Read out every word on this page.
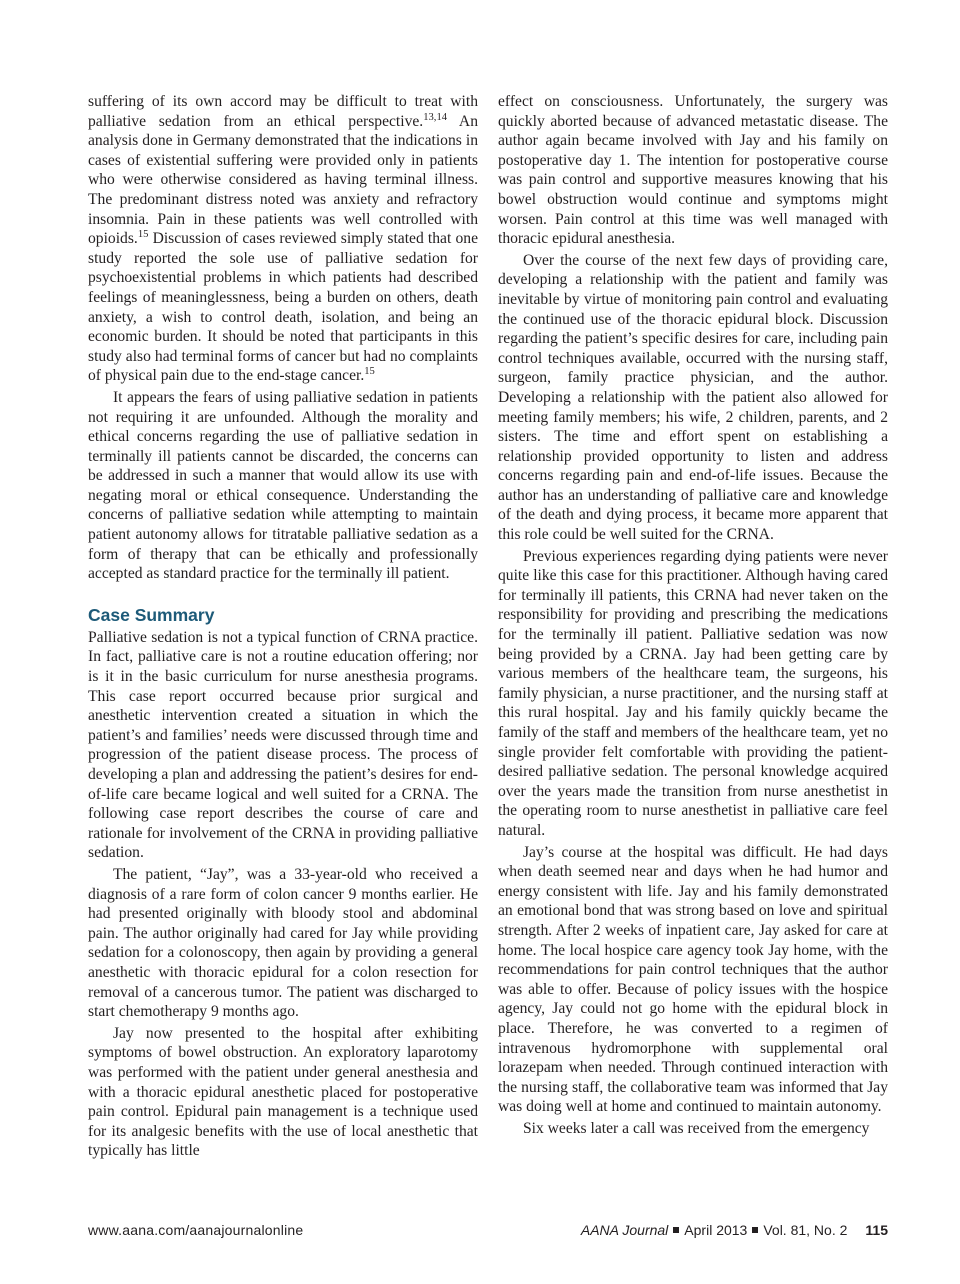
suffering of its own accord may be difficult to treat with palliative sedation from an ethical perspective.$^{13,14}$ An analysis done in Germany demonstrated that the indications in cases of existential suffering were provided only in patients who were otherwise considered as having terminal illness. The predominant distress noted was anxiety and refractory insomnia. Pain in these patients was well controlled with opioids.$^{15}$ Discussion of cases reviewed simply stated that one study reported the sole use of palliative sedation for psychoexistential problems in which patients had described feelings of meaninglessness, being a burden on others, death anxiety, a wish to control death, isolation, and being an economic burden. It should be noted that participants in this study also had terminal forms of cancer but had no complaints of physical pain due to the end-stage cancer.$^{15}$

It appears the fears of using palliative sedation in patients not requiring it are unfounded. Although the morality and ethical concerns regarding the use of palliative sedation in terminally ill patients cannot be discarded, the concerns can be addressed in such a manner that would allow its use with negating moral or ethical consequence. Understanding the concerns of palliative sedation while attempting to maintain patient autonomy allows for titratable palliative sedation as a form of therapy that can be ethically and professionally accepted as standard practice for the terminally ill patient.

Case Summary

Palliative sedation is not a typical function of CRNA practice. In fact, palliative care is not a routine education offering; nor is it in the basic curriculum for nurse anesthesia programs. This case report occurred because prior surgical and anesthetic intervention created a situation in which the patient’s and families’ needs were discussed through time and progression of the patient disease process. The process of developing a plan and addressing the patient’s desires for end-of-life care became logical and well suited for a CRNA. The following case report describes the course of care and rationale for involvement of the CRNA in providing palliative sedation.

The patient, “Jay”, was a 33-year-old who received a diagnosis of a rare form of colon cancer 9 months earlier. He had presented originally with bloody stool and abdominal pain. The author originally had cared for Jay while providing sedation for a colonoscopy, then again by providing a general anesthetic with thoracic epidural for a colon resection for removal of a cancerous tumor. The patient was discharged to start chemotherapy 9 months ago.

Jay now presented to the hospital after exhibiting symptoms of bowel obstruction. An exploratory laparotomy was performed with the patient under general anesthesia and with a thoracic epidural anesthetic placed for postoperative pain control. Epidural pain management is a technique used for its analgesic benefits with the use of local anesthetic that typically has little

effect on consciousness. Unfortunately, the surgery was quickly aborted because of advanced metastatic disease. The author again became involved with Jay and his family on postoperative day 1. The intention for postoperative course was pain control and supportive measures knowing that his bowel obstruction would continue and symptoms might worsen. Pain control at this time was well managed with thoracic epidural anesthesia.

Over the course of the next few days of providing care, developing a relationship with the patient and family was inevitable by virtue of monitoring pain control and evaluating the continued use of the thoracic epidural block. Discussion regarding the patient’s specific desires for care, including pain control techniques available, occurred with the nursing staff, surgeon, family practice physician, and the author. Developing a relationship with the patient also allowed for meeting family members; his wife, 2 children, parents, and 2 sisters. The time and effort spent on establishing a relationship provided opportunity to listen and address concerns regarding pain and end-of-life issues. Because the author has an understanding of palliative care and knowledge of the death and dying process, it became more apparent that this role could be well suited for the CRNA.

Previous experiences regarding dying patients were never quite like this case for this practitioner. Although having cared for terminally ill patients, this CRNA had never taken on the responsibility for providing and prescribing the medications for the terminally ill patient. Palliative sedation was now being provided by a CRNA. Jay had been getting care by various members of the healthcare team, the surgeons, his family physician, a nurse practitioner, and the nursing staff at this rural hospital. Jay and his family quickly became the family of the staff and members of the healthcare team, yet no single provider felt comfortable with providing the patient-desired palliative sedation. The personal knowledge acquired over the years made the transition from nurse anesthetist in the operating room to nurse anesthetist in palliative care feel natural.

Jay’s course at the hospital was difficult. He had days when death seemed near and days when he had humor and energy consistent with life. Jay and his family demonstrated an emotional bond that was strong based on love and spiritual strength. After 2 weeks of inpatient care, Jay asked for care at home. The local hospice care agency took Jay home, with the recommendations for pain control techniques that the author was able to offer. Because of policy issues with the hospice agency, Jay could not go home with the epidural block in place. Therefore, he was converted to a regimen of intravenous hydromorphone with supplemental oral lorazepam when needed. Through continued interaction with the nursing staff, the collaborative team was informed that Jay was doing well at home and continued to maintain autonomy.

Six weeks later a call was received from the emergency

www.aana.com/aanajournalonline	AANA Journal April 2013 Vol. 81, No. 2 115
